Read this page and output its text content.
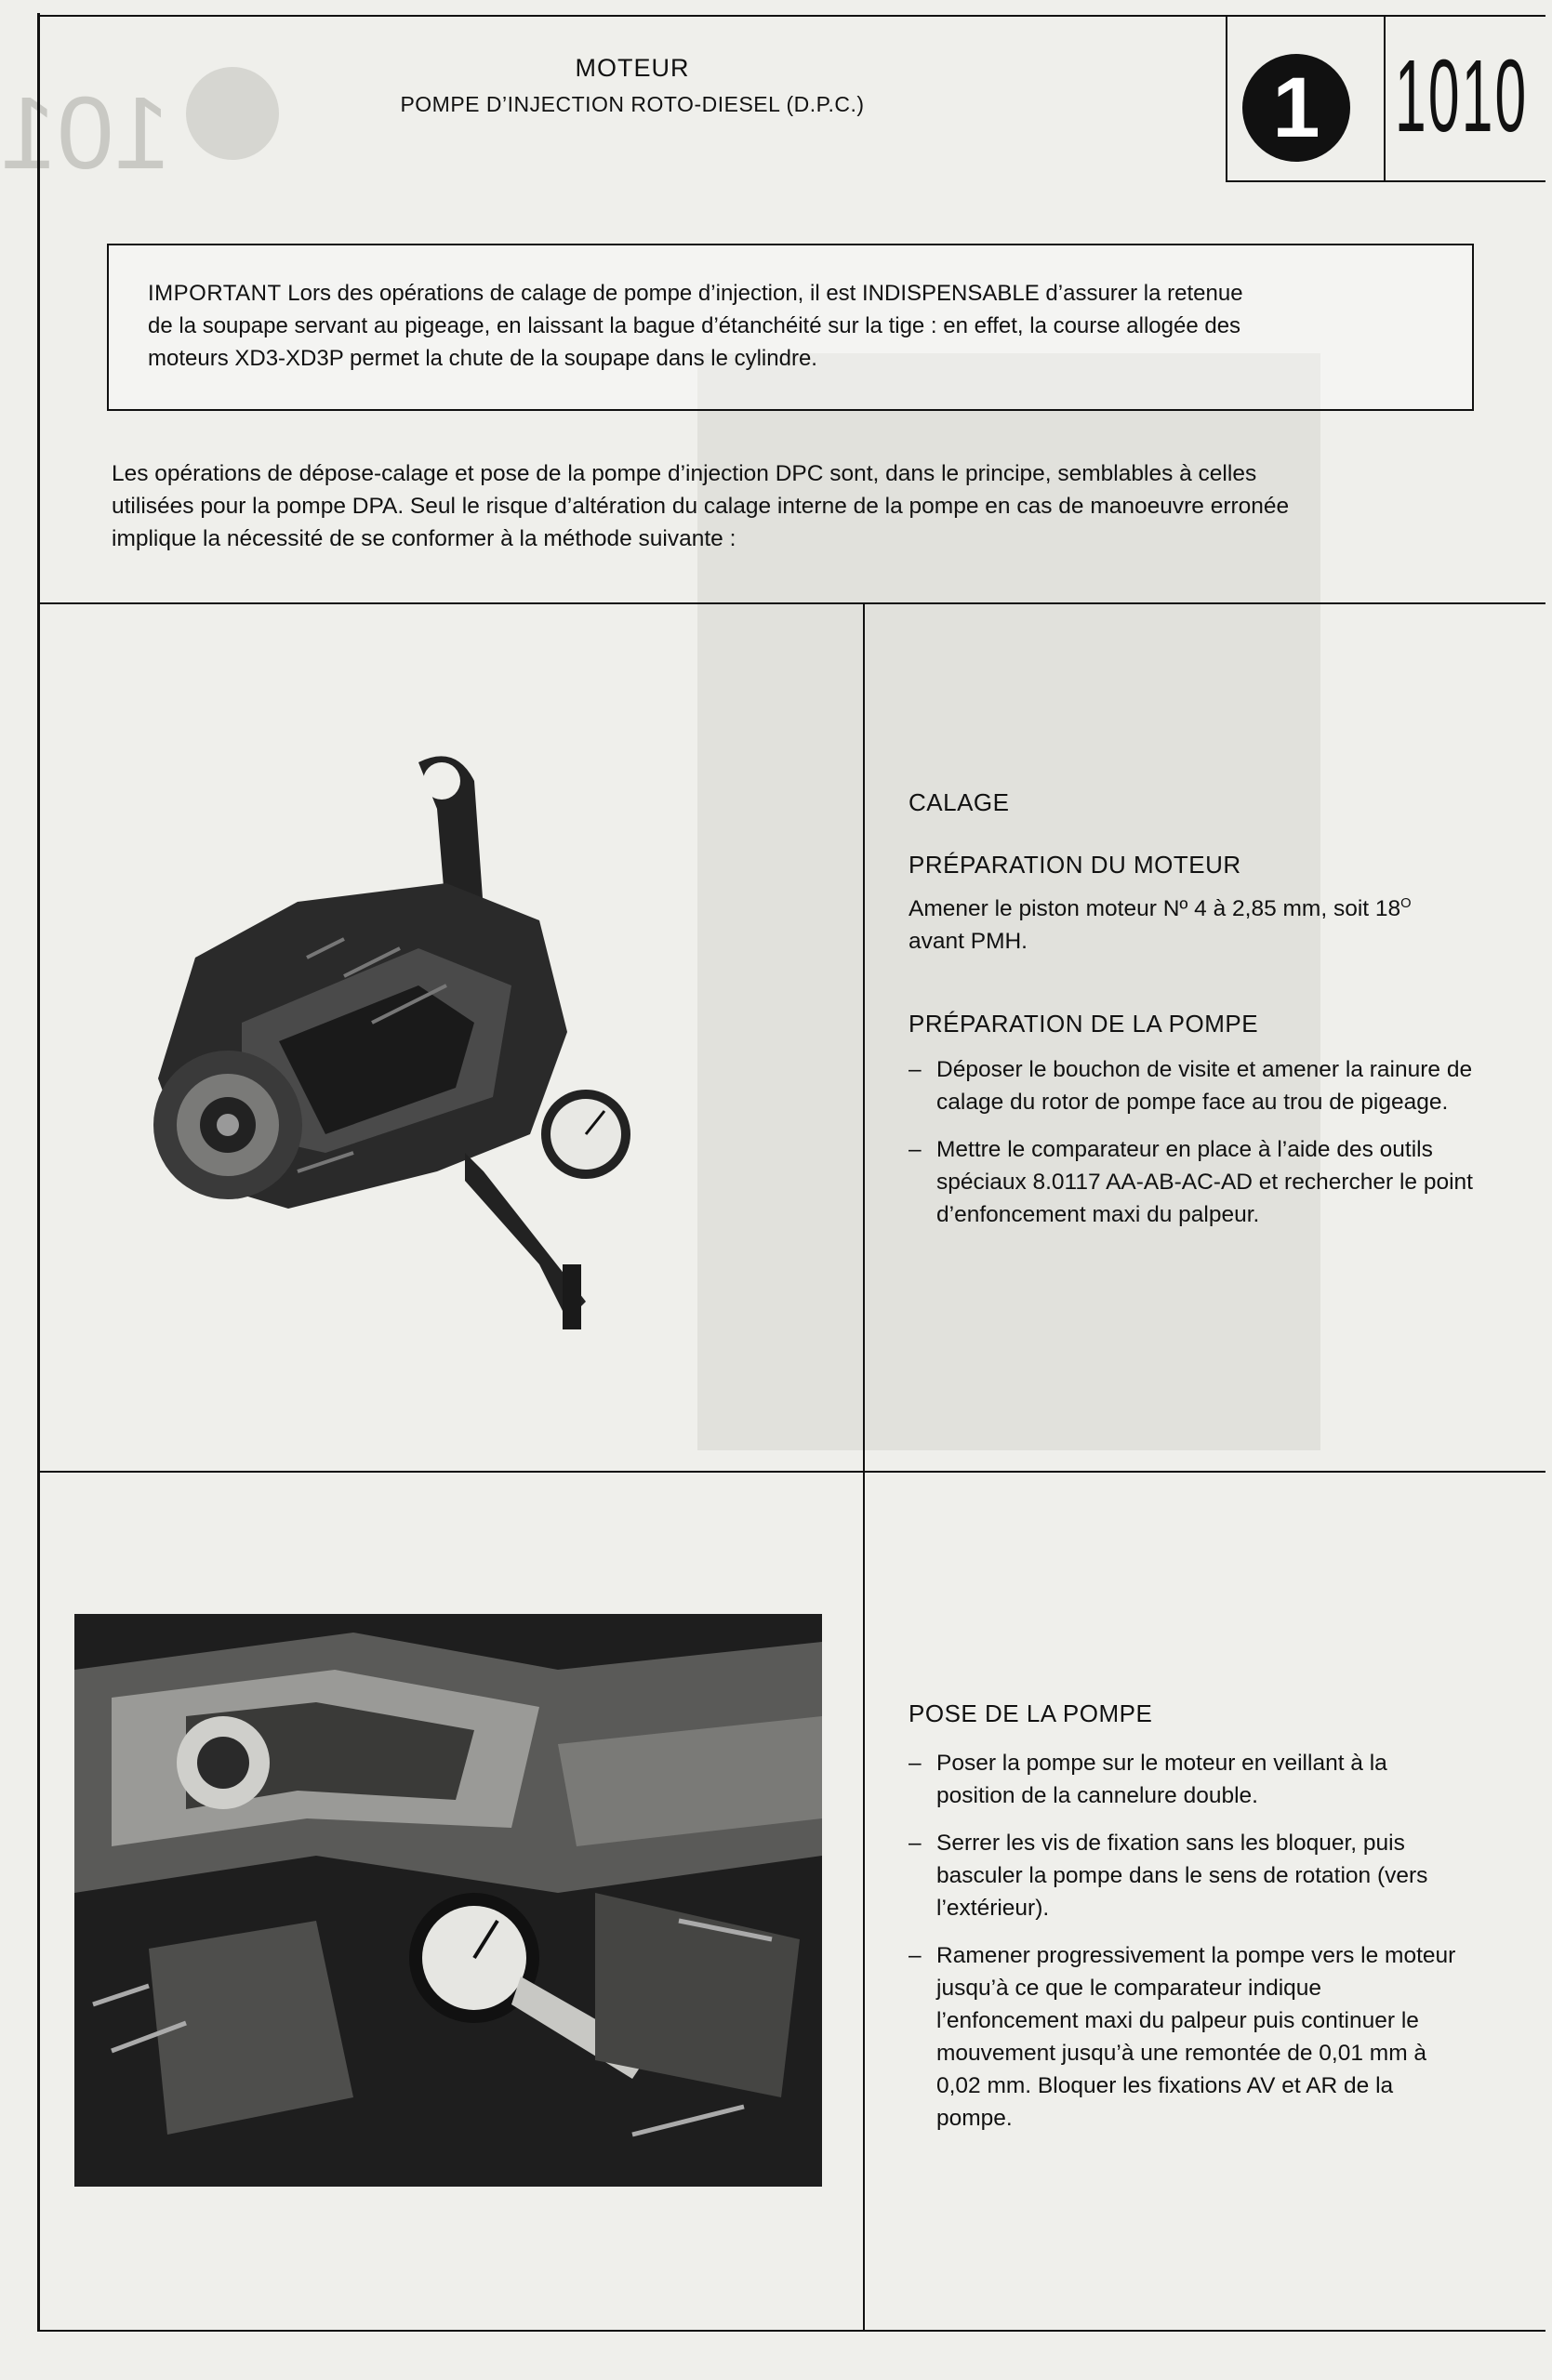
101
MOTEUR
POMPE D’INJECTION ROTO-DIESEL (D.P.C.)	1 1010
IMPORTANT Lors des opérations de calage de pompe d’injection, il est INDISPENSABLE d’assurer la retenue
de la soupape servant au pigeage, en laissant la bague d’étanchéité sur la tige : en effet, la course allogée des
moteurs XD3-XD3P permet la chute de la soupape dans le cylindre.
Les opérations de dépose-calage et pose de la pompe d’injection DPC sont, dans le principe, semblables à celles
utilisées pour la pompe DPA. Seul le risque d’altération du calage interne de la pompe en cas de manoeuvre erronée
implique la nécessité de se conformer à la méthode suivante :
CALAGE
PRÉPARATION DU MOTEUR
Amener le piston moteur Nº 4 à 2,85 mm, soit $18^O$
avant PMH.
PRÉPARATION DE LA POMPE
– Déposer le bouchon de visite et amener la rainure de calage du rotor de pompe face au trou de pigeage.
– Mettre le comparateur en place à l’aide des outils spéciaux 8.0117 AA-AB-AC-AD et rechercher le point d’enfoncement maxi du palpeur.
POSE DE LA POMPE
– Poser la pompe sur le moteur en veillant à la position de la cannelure double.
– Serrer les vis de fixation sans les bloquer, puis basculer la pompe dans le sens de rotation (vers l’extérieur).
– Ramener progressivement la pompe vers le moteur jusqu’à ce que le comparateur indique l’enfoncement maxi du palpeur puis continuer le mouvement jusqu’à une remontée de 0,01 mm à 0,02 mm. Bloquer les fixations AV et AR de la pompe.
